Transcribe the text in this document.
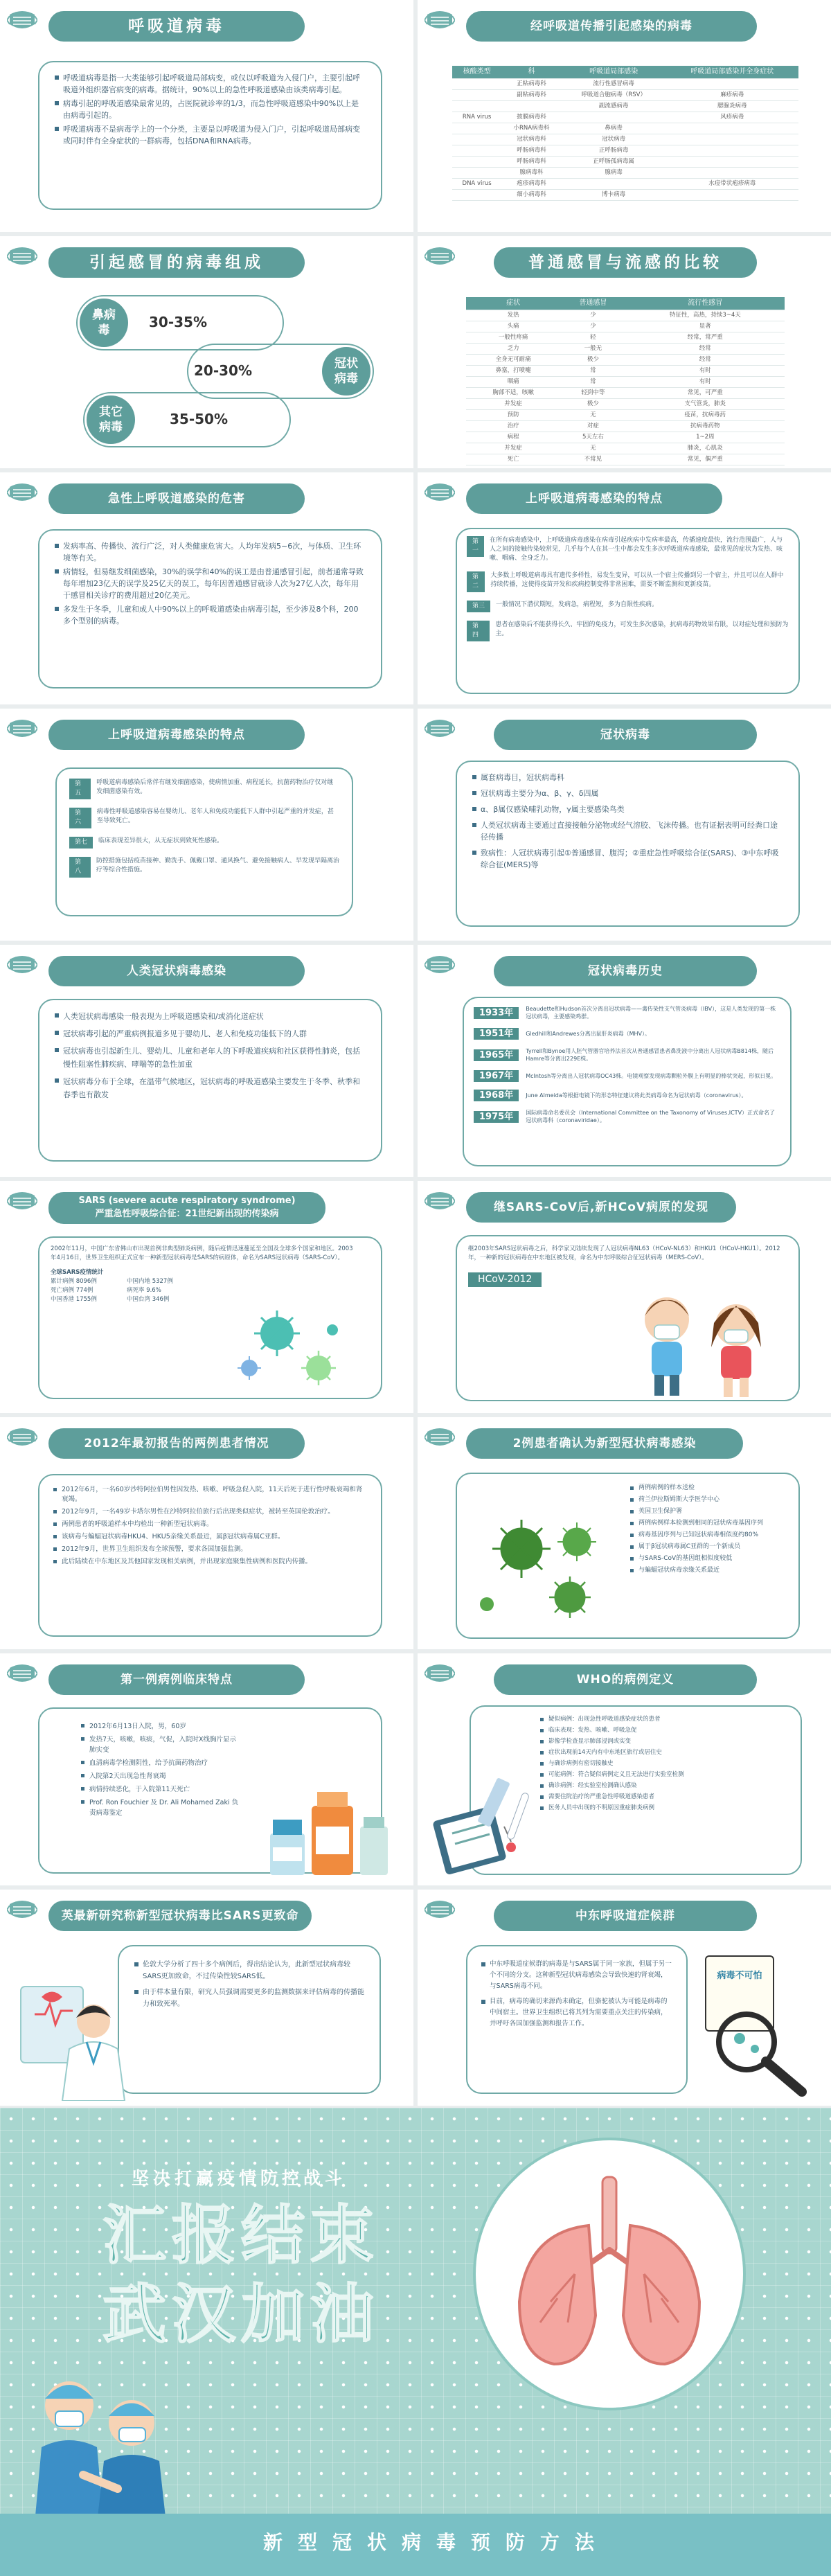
呼吸道病毒
呼吸道病毒是指一大类能够引起呼吸道局部病变，或仅以呼吸道为入侵门户，主要引起呼吸道外组织器官病变的病毒。据统计，90%以上的急性呼吸道感染由该类病毒引起。
病毒引起的呼吸道感染最常见的，占医院就诊率的1/3，而急性呼吸道感染中90%以上是由病毒引起的。
呼吸道病毒不是病毒学上的一个分类，主要是以呼吸道为侵入门户，引起呼吸道局部病变或同时伴有全身症状的一群病毒，包括DNA和RNA病毒。
经呼吸道传播引起感染的病毒
核酸类型	科	呼吸道局部感染	呼吸道局部感染并全身症状
	正粘病毒科	流行性感冒病毒	
	副粘病毒科	呼吸道合胞病毒（RSV）	麻疹病毒
		副流感病毒	腮腺炎病毒
RNA virus	披膜病毒科		风疹病毒
	小RNA病毒科	鼻病毒	
	冠状病毒科	冠状病毒	
	呼肠病毒科	正呼肠病毒	
	呼肠病毒科	正呼肠孤病毒属	
	腺病毒科	腺病毒	
DNA virus	疱疹病毒科		水痘带状疱疹病毒
	细小病毒科	博卡病毒	
引起感冒的病毒组成
鼻病毒	30-35%
冠状病毒
20-30%
其它病毒	35-50%
普通感冒与流感的比较
症状	普通感冒	流行性感冒
发热	少	特征性，高热，持续3~4天
头痛	少	显著
一般性疼痛	轻	经常，常严重
乏力	一般无	经常
全身无可耐痛	极少	经常
鼻塞，打喷嚏	常	有时
咽痛	常	有时
胸部不适，咳嗽	轻到中等	常见，可严重
并发症	极少	支气管炎，肺炎
预防	无	疫苗，抗病毒药
治疗	对症	抗病毒药物
病程	5天左右	1~2周
并发症	无	肺炎，心肌炎
死亡	不常见	常见，偶严重
急性上呼吸道感染的危害
发病率高、传播快、流行广泛，对人类健康危害大。人均年发病5~6次，与体质、卫生环境等有关。
病情轻，但易继发细菌感染，30%的误学和40%的误工是由普通感冒引起，前者通常导致每年增加23亿天的误学及25亿天的误工，每年因普通感冒就诊人次为27亿人次，每年用于感冒相关诊疗的费用超过20亿美元。
多发生于冬季，儿童和成人中90%以上的呼吸道感染由病毒引起，至少涉及8个科，200多个型别的病毒。
上呼吸道病毒感染的特点
第一
在所有病毒感染中，上呼吸道病毒感染在病毒引起疾病中发病率最高，传播速度最快，流行范围最广，人与人之间的接触传染较常见，几乎每个人在其一生中都会发生多次呼吸道病毒感染，最常见的症状为发热、咳嗽、咽痛、全身乏力。
第二
大多数上呼吸道病毒具有遗传多样性，易发生变异，可以从一个宿主传播到另一个宿主，并且可以在人群中持续传播，这使得疫苗开发和疾病控制变得非常困难，需要不断监测和更新疫苗。
第三	一般情况下潜伏期短，发病急，病程短，多为自限性疾病。
第四
患者在感染后不能获得长久、牢固的免疫力，可发生多次感染，抗病毒药物效果有限，以对症处理和预防为主。
上呼吸道病毒感染的特点
第五
呼吸道病毒感染后常伴有继发细菌感染，使病情加重、病程延长，抗菌药物治疗仅对继发细菌感染有效。
第六
病毒性呼吸道感染容易在婴幼儿、老年人和免疫功能低下人群中引起严重的并发症，甚至导致死亡。
第七	临床表现差异很大，从无症状到致死性感染。
第八
防控措施包括疫苗接种、勤洗手、佩戴口罩、通风换气、避免接触病人、早发现早隔离治疗等综合性措施。
冠状病毒
属套病毒目，冠状病毒科
冠状病毒主要分为α、β、γ、δ四属
α、β属仅感染哺乳动物，γ属主要感染鸟类
人类冠状病毒主要通过直接接触分泌物或经气溶胶、飞沫传播。也有证据表明可经粪口途径传播
致病性：人冠状病毒引起①普通感冒、腹泻；②重症急性呼吸综合征(SARS)、③中东呼吸综合征(MERS)等
人类冠状病毒感染
人类冠状病毒感染一般表现为上呼吸道感染和/或消化道症状
冠状病毒引起的严重病例报道多见于婴幼儿、老人和免疫功能低下的人群
冠状病毒也引起新生儿、婴幼儿、儿童和老年人的下呼吸道疾病和社区获得性肺炎，包括慢性阻塞性肺疾病、哮喘等的急性加重
冠状病毒分布于全球，在温带气候地区，冠状病毒的呼吸道感染主要发生于冬季、秋季和春季也有散发
冠状病毒历史
1933年	Beaudette和Hudson首次分离出冠状病毒——禽传染性支气管炎病毒（IBV），这是人类发现的第一株冠状病毒，主要感染鸡群。
1951年	Gledhill和Andrewes分离出鼠肝炎病毒（MHV）。
1965年	Tyrrell和Bynoe用人胚气管器官培养法首次从普通感冒患者鼻洗液中分离出人冠状病毒B814株，随后Hamre等分离出229E株。
1967年	McIntosh等分离出人冠状病毒OC43株。电镜观察发现病毒颗粒外膜上有明显的棒状突起，形似日冕。
1968年	June Almeida等根据电镜下的形态特征建议将此类病毒命名为冠状病毒（coronavirus）。
1975年	国际病毒命名委员会（International Committee on the Taxonomy of Viruses,ICTV）正式命名了冠状病毒科（coronaviridae）。
SARS (severe acute respiratory syndrome)
严重急性呼吸综合征：21世纪新出现的传染病
2002年11月，中国广东省佛山市出现首例非典型肺炎病例，随后疫情迅速蔓延至全国及全球多个国家和地区。2003年4月16日，世界卫生组织正式宣布一种新型冠状病毒是SARS的病原体，命名为SARS冠状病毒（SARS-CoV）。
全球SARS疫情统计
累计病例 8096例	中国内地 5327例
死亡病例 774例	病死率 9.6%
中国香港 1755例	中国台湾 346例
继SARS-CoV后,新HCoV病原的发现
继2003年SARS冠状病毒之后，科学家又陆续发现了人冠状病毒NL63（HCoV-NL63）和HKU1（HCoV-HKU1）。2012年，一种新的冠状病毒在中东地区被发现，命名为中东呼吸综合征冠状病毒（MERS-CoV）。
HCoV-2012
2012年最初报告的两例患者情况
2012年6月，一名60岁沙特阿拉伯男性因发热、咳嗽、呼吸急促入院，11天后死于进行性呼吸衰竭和肾衰竭。
2012年9月，一名49岁卡塔尔男性在沙特阿拉伯旅行后出现类似症状，被转至英国伦敦治疗。
两例患者的呼吸道样本中均检出一种新型冠状病毒。
该病毒与蝙蝠冠状病毒HKU4、HKU5亲缘关系最近，属β冠状病毒属C亚群。
2012年9月，世界卫生组织发布全球预警，要求各国加强监测。
此后陆续在中东地区及其他国家发现相关病例，并出现家庭聚集性病例和医院内传播。
2例患者确认为新型冠状病毒感染
两例病例的样本送检
荷兰伊拉斯姆斯大学医学中心
英国卫生保护署
两例病例样本检测到相同的冠状病毒基因序列
病毒基因序列与已知冠状病毒相似度约80%
属于β冠状病毒属C亚群的一个新成员
与SARS-CoV的基因组相似度较低
与蝙蝠冠状病毒亲缘关系最近
第一例病例临床特点
2012年6月13日入院，男，60岁
发热7天，咳嗽，咳痰，气促，入院时X线胸片显示肺实变
血清病毒学检测阴性，给予抗菌药物治疗
入院第2天出现急性肾衰竭
病情持续恶化，于入院第11天死亡
Prof. Ron Fouchier 及 Dr. Ali Mohamed Zaki 负责病毒鉴定
WHO的病例定义
疑似病例：出现急性呼吸道感染症状的患者
临床表现：发热、咳嗽、呼吸急促
影像学检查显示肺部浸润或实变
症状出现前14天内有中东地区旅行或居住史
与确诊病例有密切接触史
可能病例：符合疑似病例定义且无法进行实验室检测
确诊病例：经实验室检测确认感染
需要住院治疗的严重急性呼吸道感染患者
医务人员中出现的不明原因重症肺炎病例
英最新研究称新型冠状病毒比SARS更致命
伦敦大学分析了四十多个病例后，得出结论认为，此新型冠状病毒较SARS更加致命，不过传染性较SARS低。
由于样本量有限，研究人员强调需要更多的监测数据来评估病毒的传播能力和致死率。
中东呼吸道症候群
中东呼吸道症候群的病毒是与SARS属于同一家族，但属于另一个不同的分支。这种新型冠状病毒感染会导致快速的肾衰竭，与SARS病毒不同。
目前，病毒的确切来源尚未确定，但骆驼被认为可能是病毒的中间宿主。世界卫生组织已将其列为需要重点关注的传染病，并呼吁各国加强监测和报告工作。
病毒不可怕
坚决打赢疫情防控战斗
汇报结束
武汉加油
新型冠状病毒预防方法
